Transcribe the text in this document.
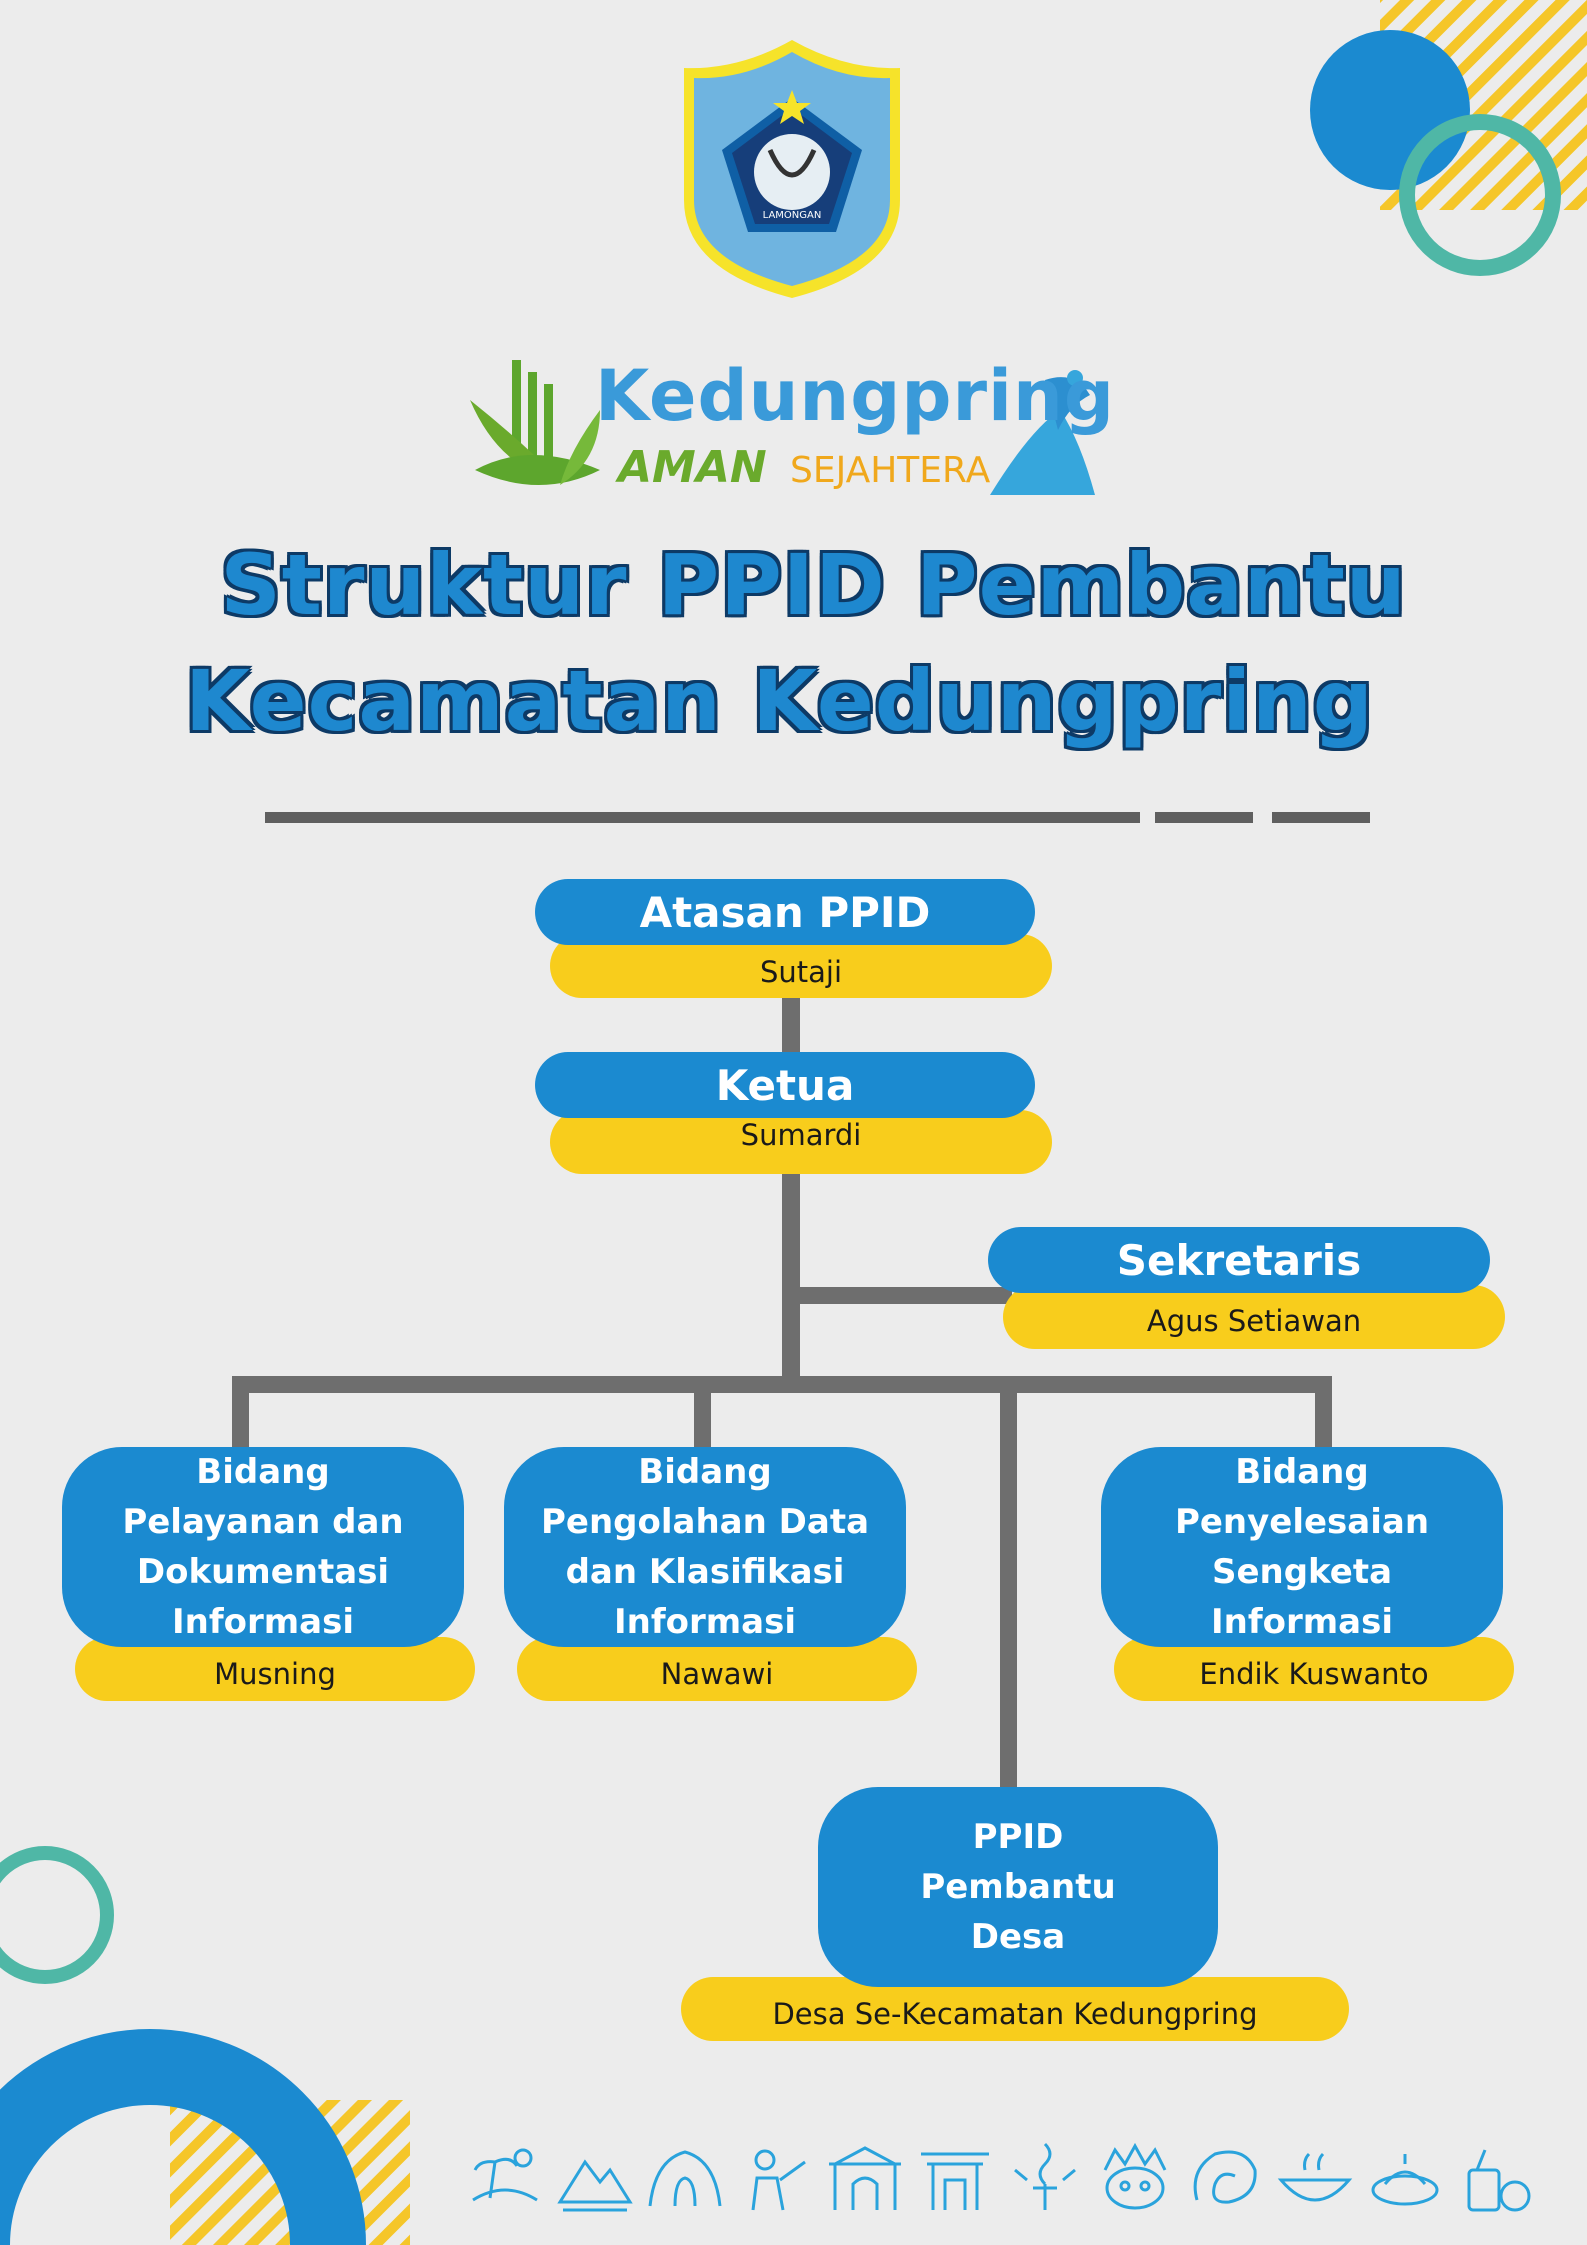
Kedungpring
AMAN SEJAHTERA
LAMONGAN
Struktur PPID Pembantu
Kecamatan Kedungpring
Sutaji
Atasan PPID
Sumardi
Ketua
Agus Setiawan
Sekretaris
Musning
Bidang Pelayanan dan Dokumentasi Informasi
Nawawi
Bidang Pengolahan Data dan Klasifikasi Informasi
Endik Kuswanto
Bidang Penyelesaian Sengketa Informasi
Desa Se-Kecamatan Kedungpring
PPID Pembantu Desa
